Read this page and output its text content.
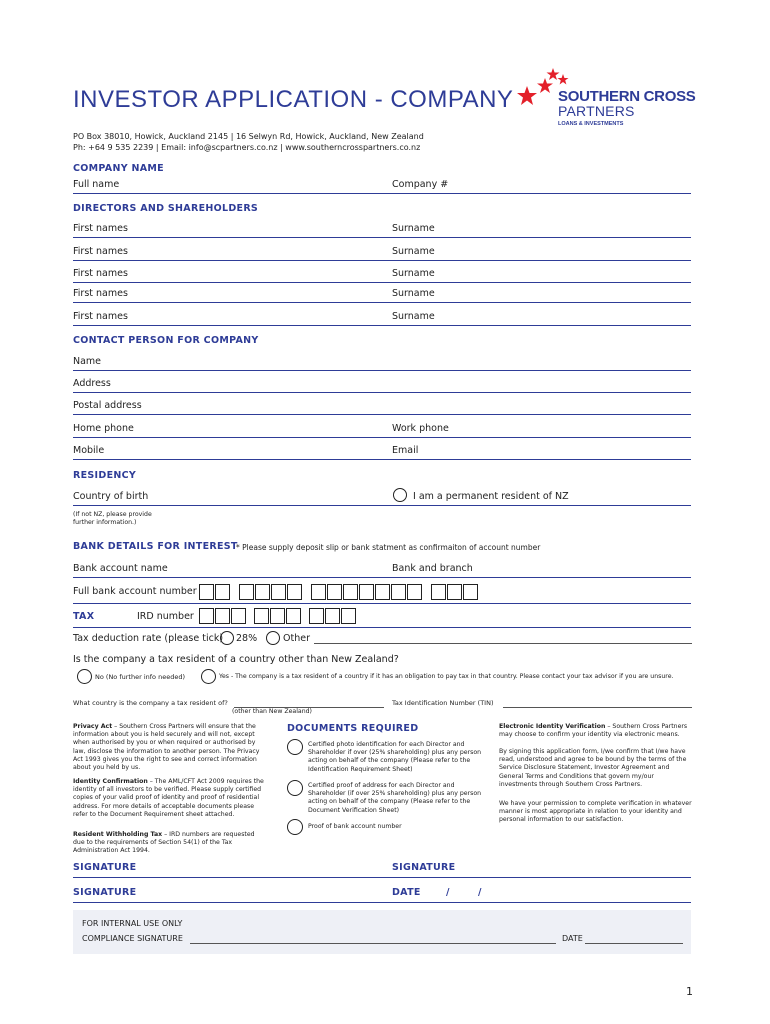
INVESTOR APPLICATION - COMPANY
PO Box 38010, Howick, Auckland 2145 | 16 Selwyn Rd, Howick, Auckland, New Zealand
Ph: +64 9 535 2239 | Email: info@scpartners.co.nz | www.southerncrosspartners.co.nz
SOUTHERN CROSS
PARTNERS
LOANS & INVESTMENTS
COMPANY NAME
Full name	Company #
DIRECTORS AND SHAREHOLDERS
First names	Surname
First names	Surname
First names	Surname
First names	Surname
First names	Surname
CONTACT PERSON FOR COMPANY
Name
Address
Postal address
Home phone	Work phone
Mobile	Email
RESIDENCY
Country of birth	I am a permanent resident of NZ
(If not NZ, please provide
further information.)
BANK DETAILS FOR INTEREST
* Please supply deposit slip or bank statment as confirmaiton of account number
Bank account name	Bank and branch
Full bank account number
TAX	IRD number
Tax deduction rate (please tick) 28%	Other
Is the company a tax resident of a country other than New Zealand?
No (No further info needed)	Yes - The company is a tax resident of a country if it has an obligation to pay tax in that country. Please contact your tax advisor if you are unsure.
What country is the company a tax resident of?
(other than New Zealand)
Tax Identification Number (TIN)
Privacy Act – Southern Cross Partners will ensure that the information about you is held securely and will not, except when authorised by you or when required or authorised by law, disclose the information to another person. The Privacy Act 1993 gives you the right to see and correct information about you held by us.
Identity Confirmation – The AML/CFT Act 2009 requires the identity of all investors to be verified. Please supply certified copies of your valid proof of identity and proof of residential address. For more details of acceptable documents please refer to the Document Requirement sheet attached.
Resident Withholding Tax – IRD numbers are requested due to the requirements of Section 54(1) of the Tax Administration Act 1994.
DOCUMENTS REQUIRED
Certified photo identification for each Director and Shareholder if over (25% shareholding) plus any person acting on behalf of the company (Please refer to the Identification Requirement Sheet)
Certified proof of address for each Director and Shareholder (if over 25% shareholding) plus any person acting on behalf of the company (Please refer to the Document Verification Sheet)
Proof of bank account number
Electronic Identity Verification – Southern Cross Partners may choose to confirm your identity via electronic means.
By signing this application form, I/we confirm that I/we have read, understood and agree to be bound by the terms of the Service Disclosure Statement, Investor Agreement and General Terms and Conditions that govern my/our investments through Southern Cross Partners.
We have your permission to complete verification in whatever manner is most appropriate in relation to your identity and personal information to our satisfaction.
SIGNATURE	SIGNATURE
SIGNATURE	DATE	/	/
FOR INTERNAL USE ONLY
COMPLIANCE SIGNATURE	DATE
1
